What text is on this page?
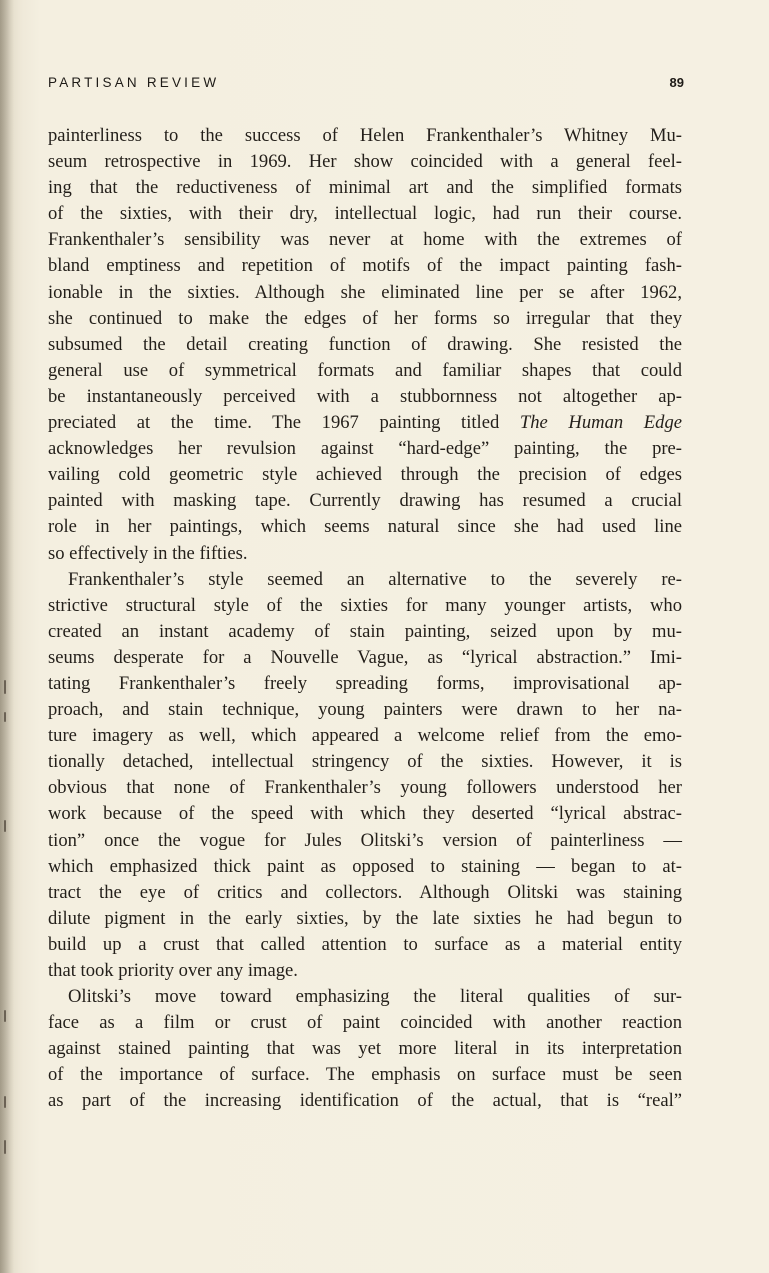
PARTISAN REVIEW	89
painterliness to the success of Helen Frankenthaler’s Whitney Mu-
seum retrospective in 1969. Her show coincided with a general feel-
ing that the reductiveness of minimal art and the simplified formats
of the sixties, with their dry, intellectual logic, had run their course.
Frankenthaler’s sensibility was never at home with the extremes of
bland emptiness and repetition of motifs of the impact painting fash-
ionable in the sixties. Although she eliminated line per se after 1962,
she continued to make the edges of her forms so irregular that they
subsumed the detail creating function of drawing. She resisted the
general use of symmetrical formats and familiar shapes that could
be instantaneously perceived with a stubbornness not altogether ap-
preciated at the time. The 1967 painting titled The Human Edge
acknowledges her revulsion against “hard-edge” painting, the pre-
vailing cold geometric style achieved through the precision of edges
painted with masking tape. Currently drawing has resumed a crucial
role in her paintings, which seems natural since she had used line
so effectively in the fifties.
Frankenthaler’s style seemed an alternative to the severely re-
strictive structural style of the sixties for many younger artists, who
created an instant academy of stain painting, seized upon by mu-
seums desperate for a Nouvelle Vague, as “lyrical abstraction.” Imi-
tating Frankenthaler’s freely spreading forms, improvisational ap-
proach, and stain technique, young painters were drawn to her na-
ture imagery as well, which appeared a welcome relief from the emo-
tionally detached, intellectual stringency of the sixties. However, it is
obvious that none of Frankenthaler’s young followers understood her
work because of the speed with which they deserted “lyrical abstrac-
tion” once the vogue for Jules Olitski’s version of painterliness —
which emphasized thick paint as opposed to staining — began to at-
tract the eye of critics and collectors. Although Olitski was staining
dilute pigment in the early sixties, by the late sixties he had begun to
build up a crust that called attention to surface as a material entity
that took priority over any image.
Olitski’s move toward emphasizing the literal qualities of sur-
face as a film or crust of paint coincided with another reaction
against stained painting that was yet more literal in its interpretation
of the importance of surface. The emphasis on surface must be seen
as part of the increasing identification of the actual, that is “real”
